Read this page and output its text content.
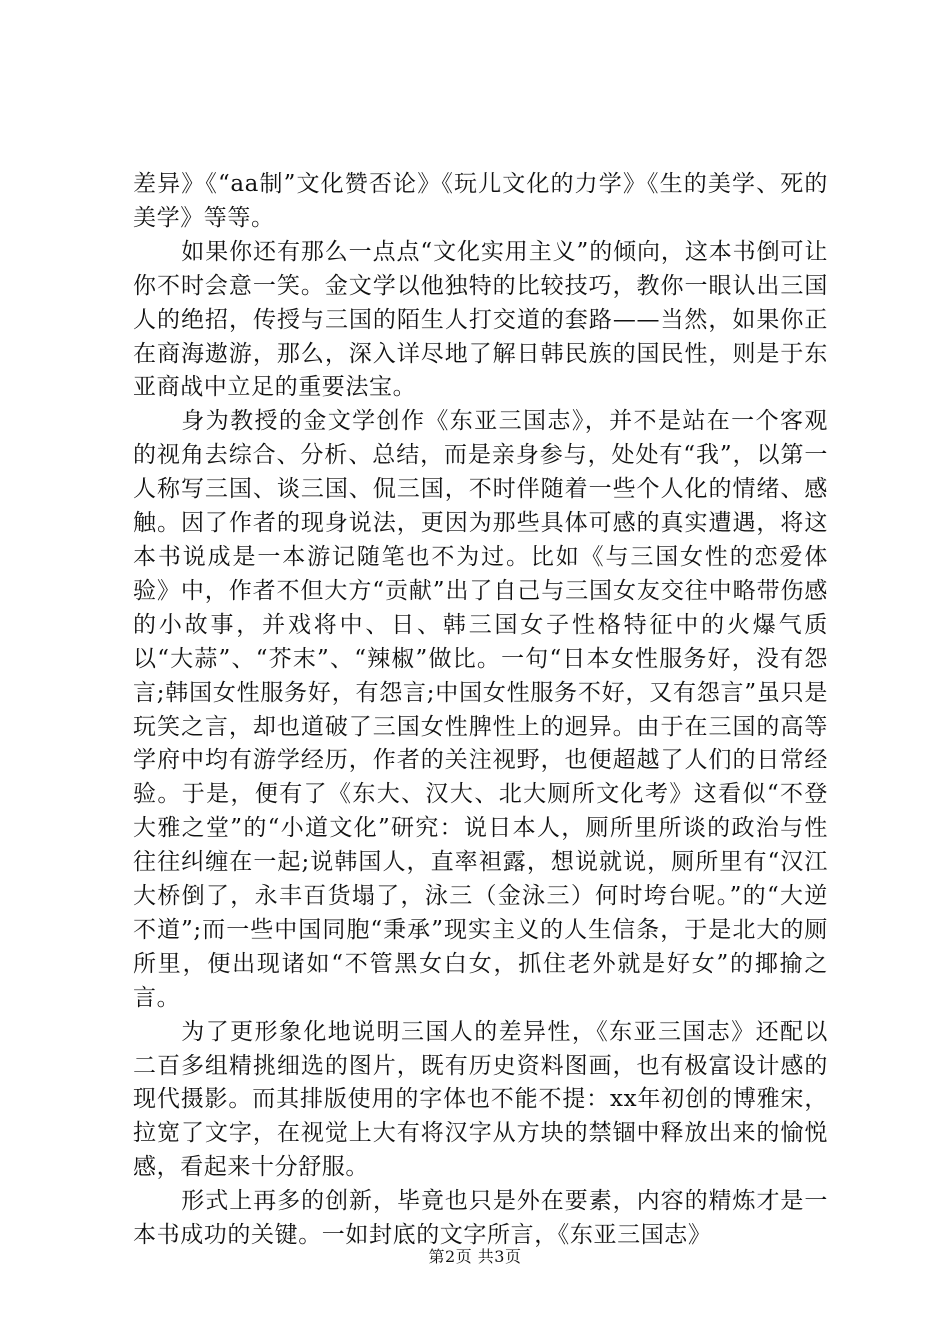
差异》《“aa制”文化赞否论》《玩儿文化的力学》《生的美学、死的美学》等等。

如果你还有那么一点点“文化实用主义”的倾向，这本书倒可让你不时会意一笑。金文学以他独特的比较技巧，教你一眼认出三国人的绝招，传授与三国的陌生人打交道的套路——当然，如果你正在商海遨游，那么，深入详尽地了解日韩民族的国民性，则是于东亚商战中立足的重要法宝。

身为教授的金文学创作《东亚三国志》，并不是站在一个客观的视角去综合、分析、总结，而是亲身参与，处处有“我”，以第一人称写三国、谈三国、侃三国，不时伴随着一些个人化的情绪、感触。因了作者的现身说法，更因为那些具体可感的真实遭遇，将这本书说成是一本游记随笔也不为过。比如《与三国女性的恋爱体验》中，作者不但大方“贡献”出了自己与三国女友交往中略带伤感的小故事，并戏将中、日、韩三国女子性格特征中的火爆气质以“大蒜”、“芥末”、“辣椒”做比。一句“日本女性服务好，没有怨言;韩国女性服务好，有怨言;中国女性服务不好，又有怨言”虽只是玩笑之言，却也道破了三国女性脾性上的迥异。由于在三国的高等学府中均有游学经历，作者的关注视野，也便超越了人们的日常经验。于是，便有了《东大、汉大、北大厕所文化考》这看似“不登大雅之堂”的“小道文化”研究：说日本人，厕所里所谈的政治与性往往纠缠在一起;说韩国人，直率袒露，想说就说，厕所里有“汉江大桥倒了，永丰百货塌了，泳三（金泳三）何时垮台呢。”的“大逆不道”;而一些中国同胞“秉承”现实主义的人生信条，于是北大的厕所里，便出现诸如“不管黑女白女，抓住老外就是好女”的揶揄之言。

为了更形象化地说明三国人的差异性，《东亚三国志》还配以二百多组精挑细选的图片，既有历史资料图画，也有极富设计感的现代摄影。而其排版使用的字体也不能不提：xx年初创的博雅宋，拉宽了文字，在视觉上大有将汉字从方块的禁锢中释放出来的愉悦感，看起来十分舒服。

形式上再多的创新，毕竟也只是外在要素，内容的精炼才是一本书成功的关键。一如封底的文字所言，《东亚三国志》

第2页 共3页
